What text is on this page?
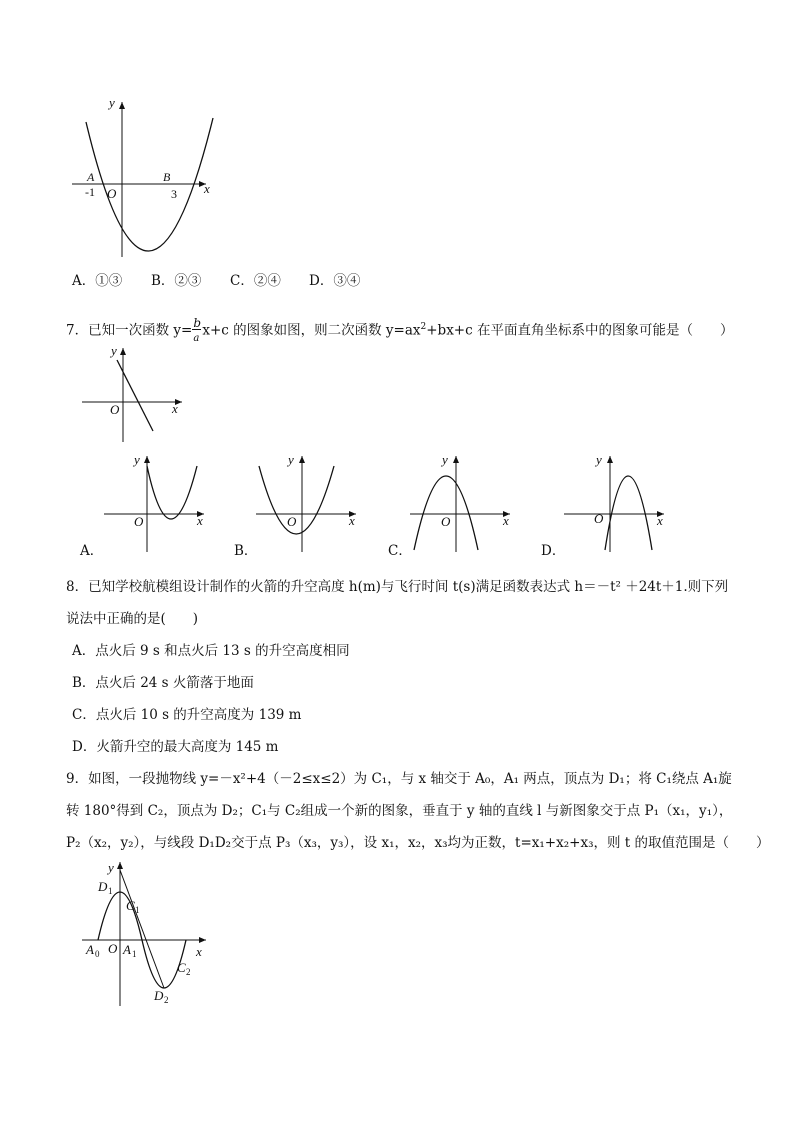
y
x
O
A	B
-1	3
A．①③ B．②③ C．②④ D．③④
7．已知一次函数 y= b
a x+c 的图象如图，则二次函数 $y=ax^2+bx+c$ 在平面直角坐标系中的图象可能是（　　）
y
x
O
y
x
O
A．
y
x
O
B．
y
x
O
C．
y
x
O
D．
8．已知学校航模组设计制作的火箭的升空高度 h(m)与飞行时间 t(s)满足函数表达式 h＝－t² ＋24t＋1.则下列
说法中正确的是(　　)
A．点火后 9 s 和点火后 13 s 的升空高度相同
B．点火后 24 s 火箭落于地面
C．点火后 10 s 的升空高度为 139 m
D．火箭升空的最大高度为 145 m
9．如图，一段抛物线 y=－x²+4（－2≤x≤2）为 C₁，与 x 轴交于 A₀，A₁ 两点，顶点为 D₁；将 C₁绕点 A₁旋
转 180°得到 C₂，顶点为 D₂；C₁与 C₂组成一个新的图象，垂直于 y 轴的直线 l 与新图象交于点 P₁（x₁，y₁），
P₂（x₂，y₂），与线段 D₁D₂交于点 P₃（x₃，y₃），设 x₁，x₂，x₃均为正数，t=x₁+x₂+x₃，则 t 的取值范围是（　　）
C 1
D 1
A 0 O A 1
C 2
D 2
x
y
